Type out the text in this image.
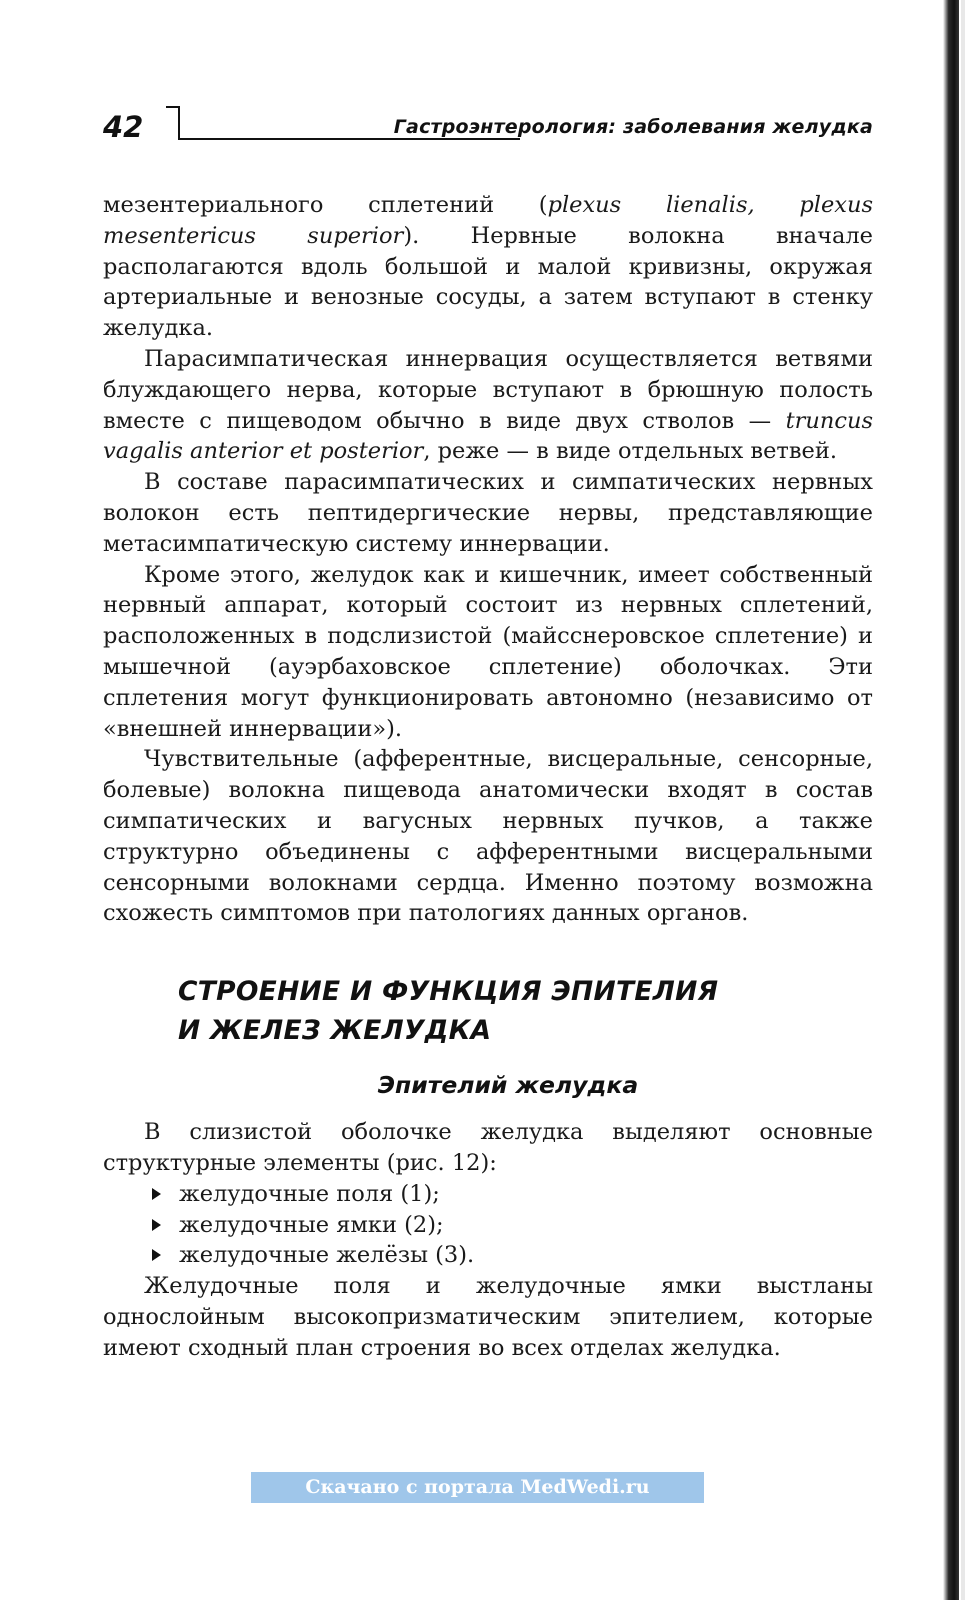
42	Гастроэнтерология: заболевания желудка

мезентериального сплетений (plexus lienalis, plexus mesentericus superior). Нервные волокна вначале располагаются вдоль большой и малой кривизны, окружая артериальные и венозные сосуды, а затем вступают в стенку желудка.

Парасимпатическая иннервация осуществляется ветвями блуждающего нерва, которые вступают в брюшную полость вместе с пищеводом обычно в виде двух стволов — truncus vagalis anterior et posterior, реже — в виде отдельных ветвей.

В составе парасимпатических и симпатических нервных волокон есть пептидергические нервы, представляющие метасимпатическую систему иннервации.

Кроме этого, желудок как и кишечник, имеет собственный нервный аппарат, который состоит из нервных сплетений, расположенных в подслизистой (майсснеровское сплетение) и мышечной (ауэрбаховское сплетение) оболочках. Эти сплетения могут функционировать автономно (независимо от «внешней иннервации»).

Чувствительные (афферентные, висцеральные, сенсорные, болевые) волокна пищевода анатомически входят в состав симпатических и вагусных нервных пучков, а также структурно объединены с афферентными висцеральными сенсорными волокнами сердца. Именно поэтому возможна схожесть симптомов при патологиях данных органов.

СТРОЕНИЕ И ФУНКЦИЯ ЭПИТЕЛИЯ
И ЖЕЛЕЗ ЖЕЛУДКА
Эпителий желудка

В слизистой оболочке желудка выделяют основные структурные элементы (рис. 12):

желудочные поля (1);
желудочные ямки (2);
желудочные желёзы (3).

Желудочные поля и желудочные ямки выстланы однослойным высокопризматическим эпителием, которые имеют сходный план строения во всех отделах желудка.

Скачано с портала MedWedi.ru
